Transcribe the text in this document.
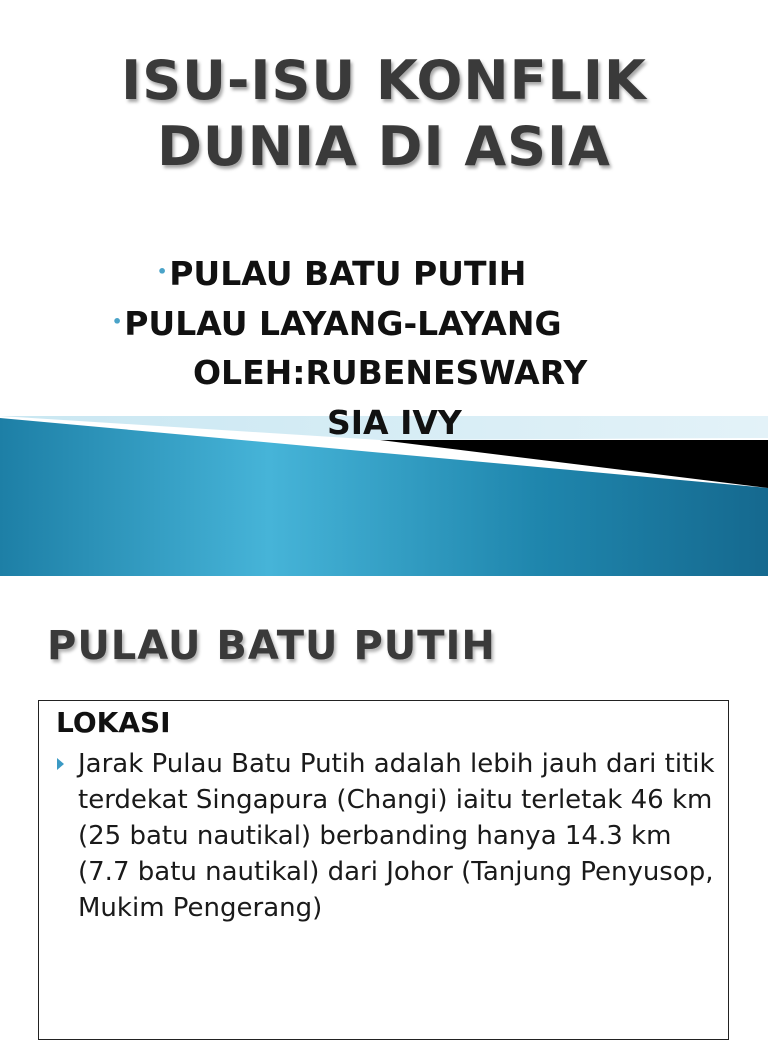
ISU-ISU KONFLIK
DUNIA DI ASIA
•PULAU BATU PUTIH
•PULAU LAYANG-LAYANG
OLEH:RUBENESWARY
SIA IVY
PULAU BATU PUTIH
LOKASI
Jarak Pulau Batu Putih adalah lebih jauh dari titik terdekat Singapura (Changi) iaitu terletak 46 km (25 batu nautikal) berbanding hanya 14.3 km (7.7 batu nautikal) dari Johor (Tanjung Penyusop, Mukim Pengerang)
